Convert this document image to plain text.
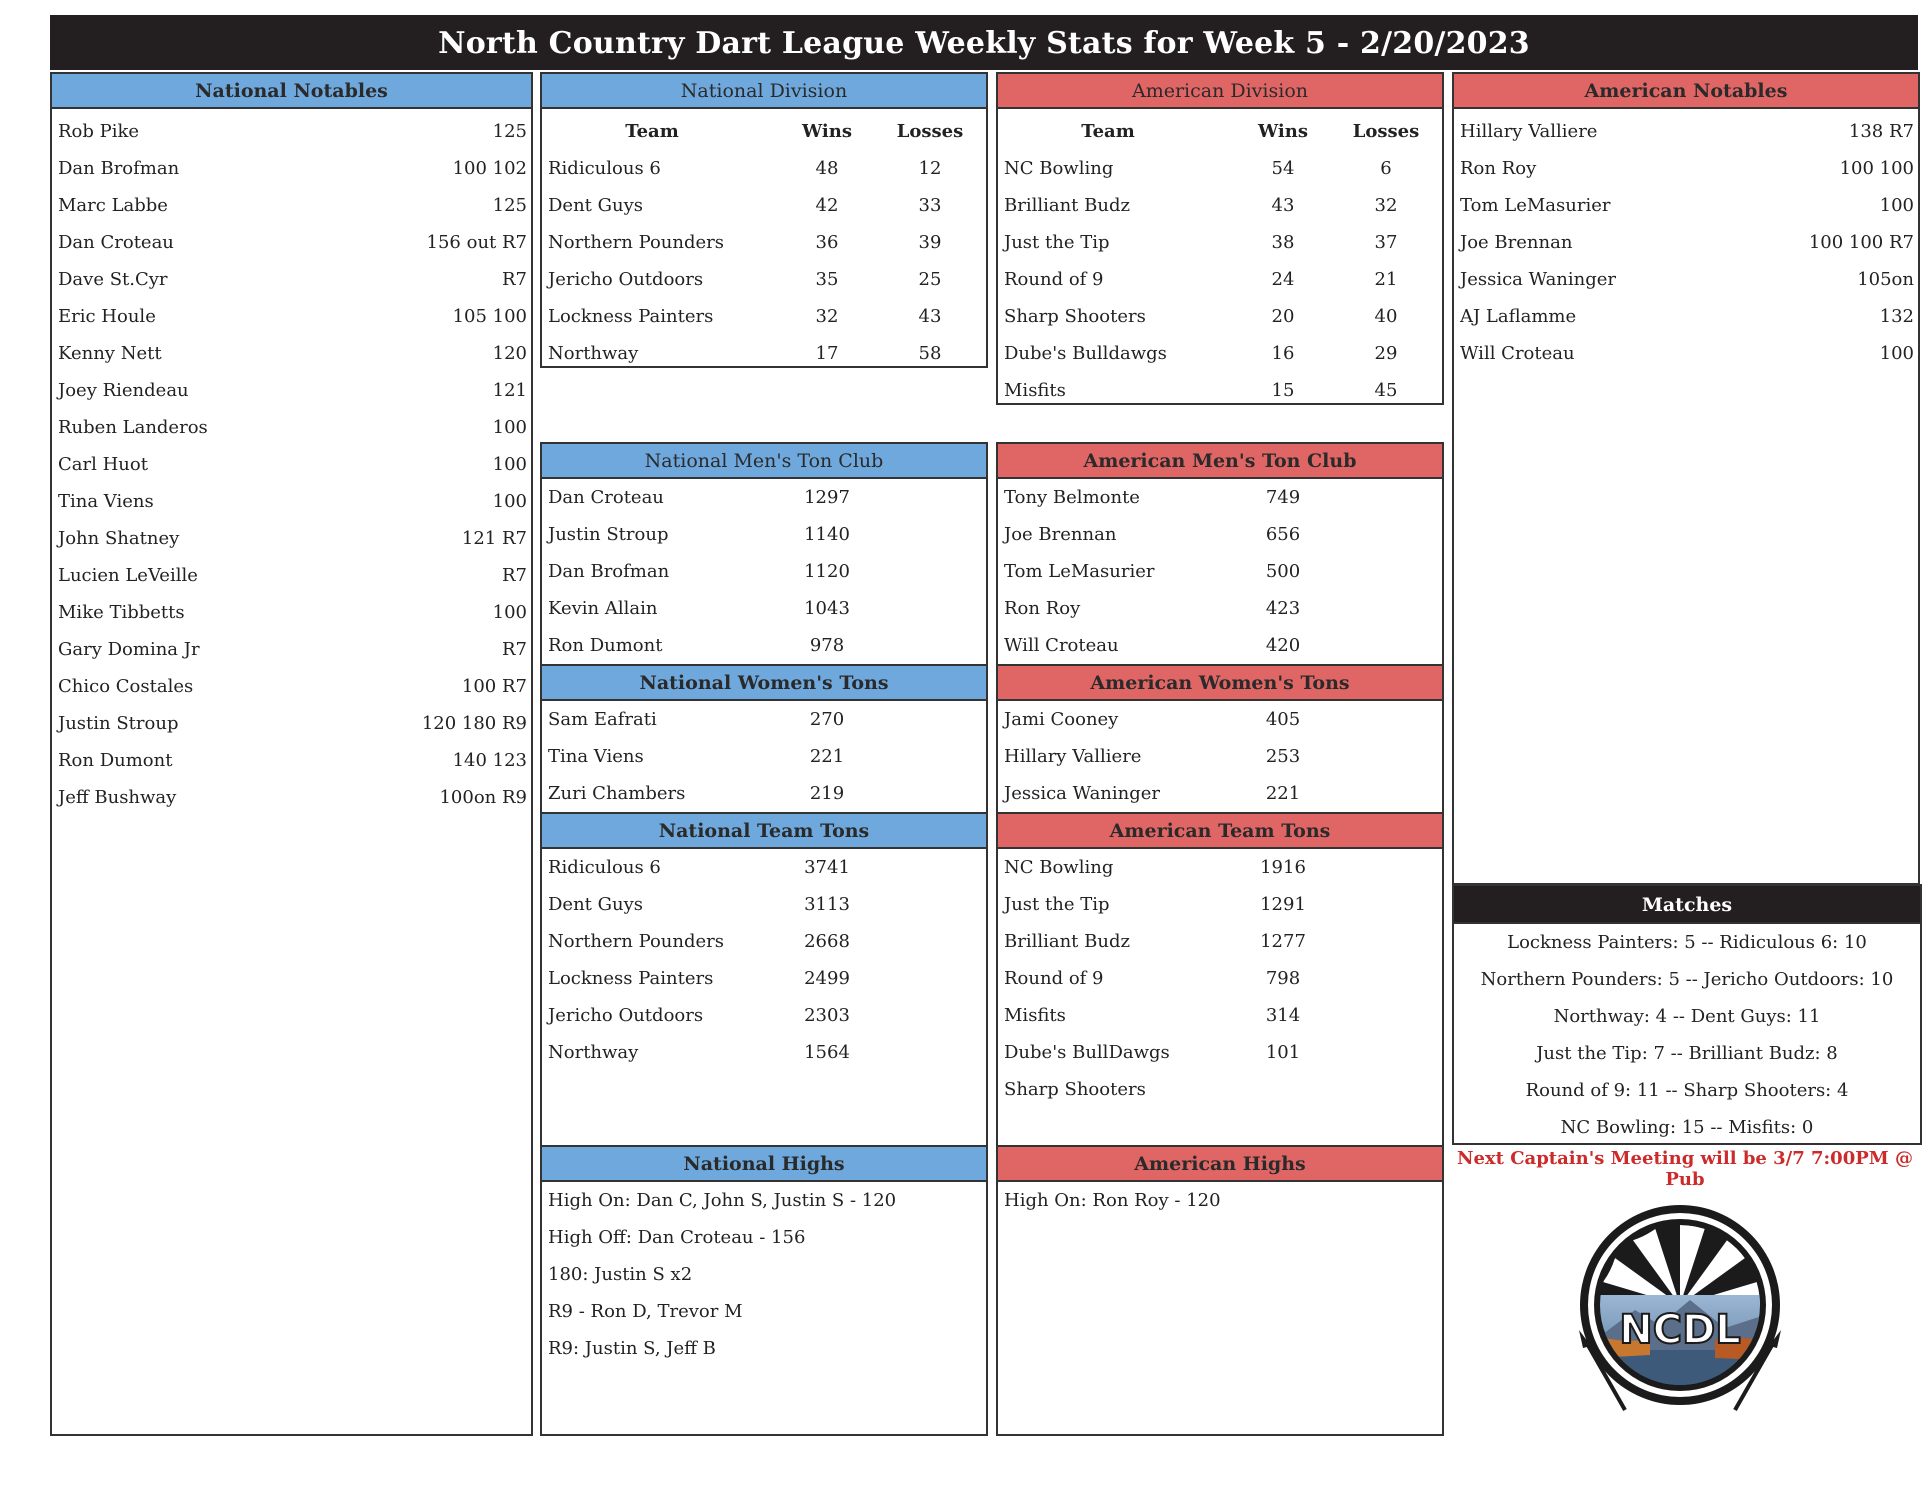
North Country Dart League Weekly Stats for Week 5 - 2/20/2023
National Notables
Rob Pike	125
Dan Brofman	100 102
Marc Labbe	125
Dan Croteau	156 out R7
Dave St.Cyr	R7
Eric Houle	105 100
Kenny Nett	120
Joey Riendeau	121
Ruben Landeros	100
Carl Huot	100
Tina Viens	100
John Shatney	121 R7
Lucien LeVeille	R7
Mike Tibbetts	100
Gary Domina Jr	R7
Chico Costales	100 R7
Justin Stroup	120 180 R9
Ron Dumont	140 123
Jeff Bushway	100on R9
National Division
Team	Wins	Losses
Ridiculous 6	48	12
Dent Guys	42	33
Northern Pounders	36	39
Jericho Outdoors	35	25
Lockness Painters	32	43
Northway	17	58
American Division
Team	Wins	Losses
NC Bowling	54	6
Brilliant Budz	43	32
Just the Tip	38	37
Round of 9	24	21
Sharp Shooters	20	40
Dube's Bulldawgs	16	29
Misfits	15	45
American Notables
Hillary Valliere	138 R7
Ron Roy	100 100
Tom LeMasurier	100
Joe Brennan	100 100 R7
Jessica Waninger	105on
AJ Laflamme	132
Will Croteau	100
National Men's Ton Club
Dan Croteau	1297
Justin Stroup	1140
Dan Brofman	1120
Kevin Allain	1043
Ron Dumont	978
National Women's Tons
Sam Eafrati	270
Tina Viens	221
Zuri Chambers	219
National Team Tons
Ridiculous 6	3741
Dent Guys	3113
Northern Pounders	2668
Lockness Painters	2499
Jericho Outdoors	2303
Northway	1564
American Men's Ton Club
Tony Belmonte	749
Joe Brennan	656
Tom LeMasurier	500
Ron Roy	423
Will Croteau	420
American Women's Tons
Jami Cooney	405
Hillary Valliere	253
Jessica Waninger	221
American Team Tons
NC Bowling	1916
Just the Tip	1291
Brilliant Budz	1277
Round of 9	798
Misfits	314
Dube's BullDawgs	101
Sharp Shooters
National Highs
High On: Dan C, John S, Justin S - 120
High Off: Dan Croteau - 156
180: Justin S x2
R9 - Ron D, Trevor M
R9: Justin S, Jeff B
American Highs
High On: Ron Roy - 120
Matches
Lockness Painters: 5 -- Ridiculous 6: 10
Northern Pounders: 5 -- Jericho Outdoors: 10
Northway: 4 -- Dent Guys: 11
Just the Tip: 7 -- Brilliant Budz: 8
Round of 9: 11 -- Sharp Shooters: 4
NC Bowling: 15 -- Misfits: 0
Next Captain's Meeting will be 3/7 7:00PM @ Pub
NCDL
